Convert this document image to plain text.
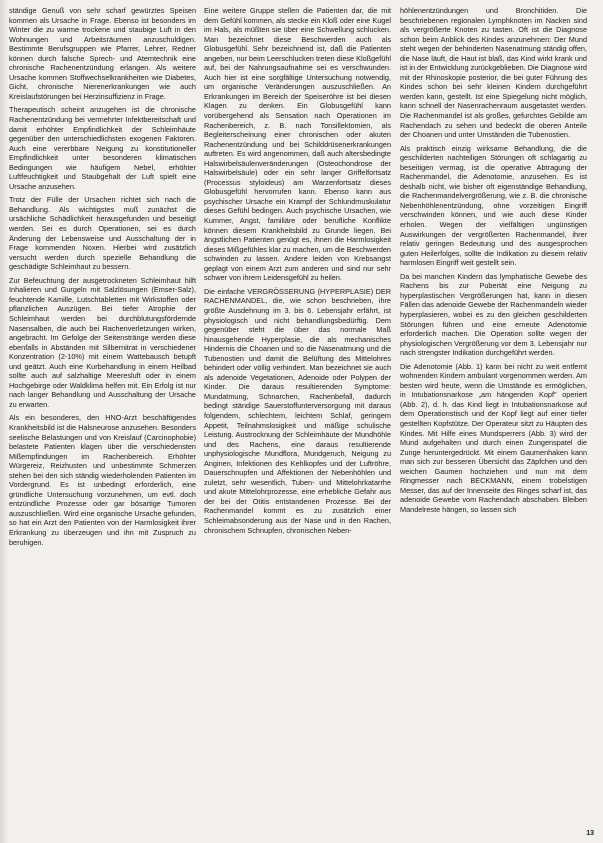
ständige Genuß von sehr scharf gewürztes Speisen kommen als Ursache in Frage. Ebenso ist besonders im Winter die zu warme trockene und staubige Luft in den Wohnungen und Arbeitsräumen anzuschuldigen. Bestimmte Berufsgruppen wie Pfarrer, Lehrer, Redner können durch falsche Sprech- und Atemtechnik eine chronische Rachenentzündung erlangen. Als weitere Ursache kommen Stoffwechselkrankheiten wie Diabetes, Gicht, chronische Nierenerkrankungen wie auch Kreislaufstörungen bei Herzinsuffizienz in Frage.

Therapeutisch scheint anzugehen ist die chronische Rachenentzündung bei vermehrter Infektbereitschaft und damit erhöhter Empfindlichkeit der Schleimhäute gegenüber den unterschiedlichsten exogenen Faktoren. Auch eine vererbbare Neigung zu konstitutioneller Empfindlichkeit unter besonderen klimatischen Bedingungen wie häufigem Nebel, erhöhter Luftfeuchtigkeit und Staubgehalt der Luft spielt eine Ursache anzusehen.

Trotz der Fülle der Ursachen richtet sich nach die Behandlung. Als wichtigstes muß zunächst die ursächliche Schädlichkeit herausgefunden und beseitigt werden. Sei es durch Operationen, sei es durch Änderung der Lebensweise und Ausschaltung der in Frage kommenden Noxen. Hierbei wird zusätzlich versucht werden durch spezielle Behandlung die geschädigte Schleimhaut zu bessern.

Zur Befeuchtung der ausgetrockneten Schleimhaut hilft Inhalieren und Gurgeln mit Salzlösungen (Emser-Salz), feuchtende Kamille, Lutschtabletten mit Wirkstoffen oder pflanzlichen Auszügen. Bei tiefer Atrophie der Schleimhaut werden bei durchblutungsfördernde Nasensalben, die auch bei Rachenverletzungen wirken, angebracht. Im Gefolge der Seitenstränge werden diese ebenfalls in Abständen mit Silbernitrat in verschiedener Konzentration (2-10%) mit einem Wattebausch betupft und geätzt. Auch eine Kurbehandlung in einem Heilbad sollte auch auf salzhaltige Meeresluft oder in einem Hochgebirge oder Waldklima helfen mit. Ein Erfolg ist nur nach langer Behandlung und Ausschaltung der Ursache zu erwarten.

Als ein besonderes, den HNO-Arzt beschäftigendes Krankheitsbild ist die Halsneurose anzusehen. Besonders seelische Belastungen und von Kreislauf (Carcinophobie) belastete Patienten klagen über die verschiedensten Mißempfindungen im Rachenbereich. Erhöhter Würgereiz, Reizhusten und unbestimmte Schmerzen stehen bei den sich ständig wiederholenden Patienten im Vordergrund. Es ist unbedingt erforderlich, eine gründliche Untersuchung vorzunehmen, um evtl. doch entzündliche Prozesse oder gar bösartige Tumoren auszuschließen. Wird eine organische Ursache gefunden, so hat ein Arzt den Patienten von der Harmlosigkeit ihrer Erkrankung zu überzeugen und ihn mit Zuspruch zu beruhigen.

Eine weitere Gruppe stellen die Patienten dar, die mit dem Gefühl kommen, als stecke ein Kloß oder eine Kugel im Hals, als müßten sie über eine Schwellung schlucken. Man bezeichnet diese Beschwerden auch als Globusgefühl. Sehr bezeichnend ist, daß die Patienten angeben, nur beim Leerschlucken treten diese Kloßgefühl auf, bei der Nahrungsaufnahme sei es verschwunden. Auch hier ist eine sorgfältige Untersuchung notwendig, um organische Veränderungen auszuschließen. An Erkrankungen im Bereich der Speiseröhre ist bei diesen Klagen zu denken. Ein Globusgefühl kann vorübergehend als Sensation nach Operationen im Rachenbereich, z. B. nach Tonsillektomien, als Begleiterscheinung einer chronischen oder akuten Rachenentzündung und bei Schilddrüsenerkrankungen auftreten. Es wird angenommen, daß auch altersbedingte Halswirbelsäulenveränderungen (Osteochondrose der Halswirbelsäule) oder ein sehr langer Griffelfortsatz (Processus styloideus) am Warzenfortsatz dieses Globusgefühl hervorrufen kann. Ebenso kann aus psychischer Ursache ein Krampf der Schlundmuskulatur dieses Gefühl bedingen. Auch psychische Ursachen, wie Kummer, Angst, familiäre oder berufliche Konflikte können diesem Krankheitsbild zu Grunde liegen. Bei ängstlichen Patienten genügt es, ihnen die Harmlosigkeit dieses Mißgefühles klar zu machen, um die Beschwerden schwinden zu lassen. Andere leiden von Krebsangst geplagt von einem Arzt zum anderen und sind nur sehr schwer von ihrem Leidensgefühl zu heilen.

Die einfache VERGRÖSSERUNG (HYPERPLASIE) DER RACHENMANDEL, die, wie schon beschrieben, ihre größte Ausdehnung im 3. bis 6. Lebensjahr erfährt, ist physiologisch und nicht behandlungsbedürftig. Dem gegenüber steht die über das normale Maß hinausgehende Hyperplasie, die als mechanisches Hindernis die Choanen und so die Nasenatmung und die Tubenostien und damit die Belüftung des Mittelohres behindert oder völlig verhindert. Man bezeichnet sie auch als adenoide Vegetationen, Adenoide oder Polypen der Kinder. Die daraus resultierenden Symptome: Mundatmung, Schnarchen, Rachenbefall, dadurch bedingt ständige Sauerstoffunterversorgung mit daraus folgendem, schlechtem, leichtem Schlaf, geringem Appetit, Teilnahmslosigkeit und mäßige schulische Leistung. Austrocknung der Schleimhäute der Mundhöhle und des Rachens, eine daraus resultierende unphysiologische Mundflora, Mundgeruch, Neigung zu Anginen, Infektionen des Kehlkopfes und der Luftröhre, Dauerschnupfen und Affektionen der Nebenhöhlen und zuletzt, sehr wesentlich, Tuben- und Mittelohrkatarrhe und akute Mittelohrprozesse, eine erhebliche Gefahr aus der bei der Otitis entstandenen Prozesse. Bei der Rachenmandel kommt es zu zusätzlich einer Schleimabsonderung aus der Nase und in den Rachen, chronischem Schnupfen, chronischen Neben-

höhlenentzündungen und Bronchitiden. Die beschriebenen regionalen Lymphknoten im Nacken sind als vergrößerte Knoten zu tasten. Oft ist die Diagnose schon beim Anblick des Kindes anzunehmen: Der Mund steht wegen der behinderten Nasenatmung ständig offen, die Nase läuft, die Haut ist blaß, das Kind wirkt krank und ist in der Entwicklung zurückgeblieben. Die Diagnose wird mit der Rhinoskopie posterior, die bei guter Führung des Kindes schon bei sehr kleinen Kindern durchgeführt werden kann, gestellt. Ist eine Spiegelung nicht möglich, kann schnell der Nasenrachenraum ausgetastet werden. Die Rachenmandel ist als großes, gefurchtes Gebilde am Rachendach zu sehen und bedeckt die oberen Anteile der Choanen und unter Umständen die Tubenostien.

Als praktisch einzig wirksame Behandlung, die die geschilderten nachteiligen Störungen oft schlagartig zu beseitigen vermag, ist die operative Abtragung der Rachenmandel, die Adenotomie, anzusehen. Es ist deshalb nicht, wie bisher oft eigenständige Behandlung, die Rachenmandelvergrößerung, wie z. B. die chronische Nebenhöhlenentzündung, ohne vorzeitigen Eingriff verschwinden können, und wie auch diese Kinder erholen. Wegen der vielfältigen ungünstigen Auswirkungen der vergrößerten Rachenmandel, ihrer relativ geringen Bedeutung und des ausgesprochen guten Heilerfolges, sollte die Indikation zu diesem relativ harmlosen Eingriff weit gestellt sein.

Da bei manchen Kindern das lymphatische Gewebe des Rachens bis zur Pubertät eine Neigung zu hyperplastischen Vergrößerungen hat, kann in diesen Fällen das adenoide Gewebe der Rachenmandeln wieder hyperplasieren, wobei es zu den gleichen geschilderten Störungen führen und eine erneute Adenotomie erforderlich machen. Die Operation sollte wegen der physiologischen Vergrößerung vor dem 3. Lebensjahr nur nach strengster Indikation durchgeführt werden.

Die Adenotomie (Abb. 1) kann bei nicht zu weit entfernt wohnenden Kindern ambulant vorgenommen werden. Am besten wird heute, wenn die Umstände es ermöglichen, in Intubationsnarkose „am hängenden Kopf" operiert (Abb. 2), d. h. das Kind liegt in Intubationsnarkose auf dem Operationstisch und der Kopf liegt auf einer tiefer gestellten Kopfstütze. Der Operateur sitzt zu Häupten des Kindes. Mit Hilfe eines Mundsperrers (Abb. 3) wird der Mund aufgehalten und durch einen Zungenspatel die Zunge heruntergedrückt. Mit einem Gaumenhaken kann man sich zur besseren Übersicht das Zäpfchen und den weichen Gaumen hochziehen und nun mit dem Ringmesser nach BECKMANN, einem trobelstigen Messer, das auf der Innenseite des Ringes scharf ist, das adenoide Gewebe vom Rachendach abschaben. Bleiben Mandelreste hängen, so lassen sich

13
